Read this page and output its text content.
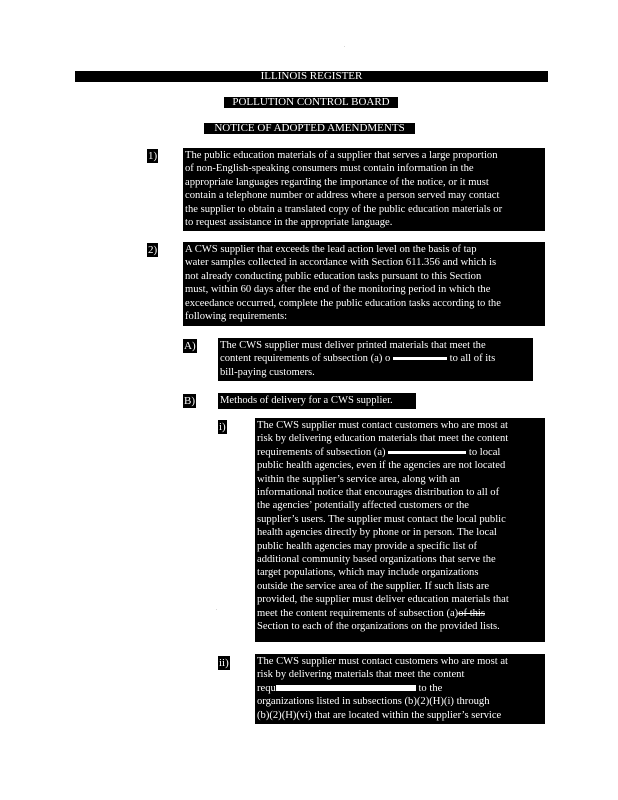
ILLINOIS REGISTER
POLLUTION CONTROL BOARD
NOTICE OF ADOPTED AMENDMENTS
1)	The public education materials of a supplier that serves a large proportion
of non-English-speaking consumers must contain information in the
appropriate languages regarding the importance of the notice, or it must
contain a telephone number or address where a person served may contact
the supplier to obtain a translated copy of the public education materials or
to request assistance in the appropriate language.
2)	A CWS supplier that exceeds the lead action level on the basis of tap
water samples collected in accordance with Section 611.356 and which is
not already conducting public education tasks pursuant to this Section
must, within 60 days after the end of the monitoring period in which the
exceedance occurred, complete the public education tasks according to the
following requirements:
A) The CWS supplier must deliver printed materials that meet the
content requirements of subsection (a) o	to all of its
bill-paying customers.
B) Methods of delivery for a CWS supplier.
i)	The CWS supplier must contact customers who are most at
risk by delivering education materials that meet the content
requirements of subsection (a)	to local
public health agencies, even if the agencies are not located
within the supplier’s service area, along with an
informational notice that encourages distribution to all of
the agencies’ potentially affected customers or the
supplier’s users. The supplier must contact the local public
health agencies directly by phone or in person. The local
public health agencies may provide a specific list of
additional community based organizations that serve the
target populations, which may include organizations
outside the service area of the supplier. If such lists are
provided, the supplier must deliver education materials that
meet the content requirements of subsection (a)of this
Section to each of the organizations on the provided lists.
ii)	The CWS supplier must contact customers who are most at
risk by delivering materials that meet the content
requ	to the
organizations listed in subsections (b)(2)(H)(i) through
(b)(2)(H)(vi) that are located within the supplier’s service
